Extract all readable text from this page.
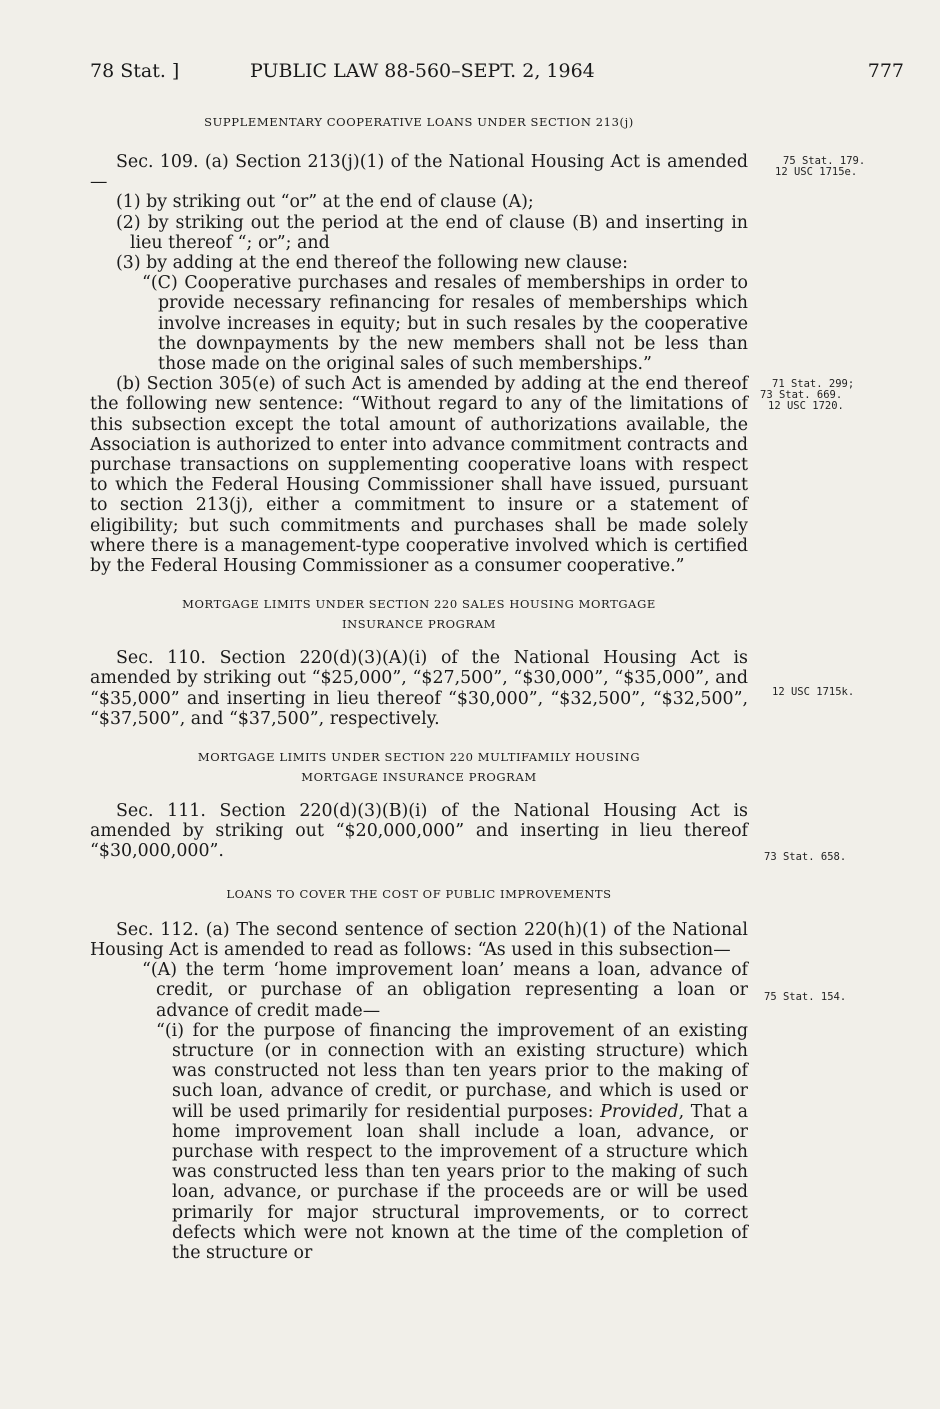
78 Stat. ]	PUBLIC LAW 88-560–SEPT. 2, 1964	777

SUPPLEMENTARY COOPERATIVE LOANS UNDER SECTION 213(j)

Sec. 109. (a) Section 213(j)(1) of the National Housing Act is amended—

(1) by striking out “or” at the end of clause (A);

(2) by striking out the period at the end of clause (B) and inserting in lieu thereof “; or”; and

(3) by adding at the end thereof the following new clause:

“(C) Cooperative purchases and resales of memberships in order to provide necessary refinancing for resales of memberships which involve increases in equity; but in such resales by the cooperative the downpayments by the new members shall not be less than those made on the original sales of such memberships.”

(b) Section 305(e) of such Act is amended by adding at the end thereof the following new sentence: “Without regard to any of the limitations of this subsection except the total amount of authorizations available, the Association is authorized to enter into advance commitment contracts and purchase transactions on supplementing cooperative loans with respect to which the Federal Housing Commissioner shall have issued, pursuant to section 213(j), either a commitment to insure or a statement of eligibility; but such commitments and purchases shall be made solely where there is a management-type cooperative involved which is certified by the Federal Housing Commissioner as a consumer cooperative.”

MORTGAGE LIMITS UNDER SECTION 220 SALES HOUSING MORTGAGE

INSURANCE PROGRAM

Sec. 110. Section 220(d)(3)(A)(i) of the National Housing Act is amended by striking out “$25,000”, “$27,500”, “$30,000”, “$35,000”, and “$35,000” and inserting in lieu thereof “$30,000”, “$32,500”, “$32,500”, “$37,500”, and “$37,500”, respectively.

MORTGAGE LIMITS UNDER SECTION 220 MULTIFAMILY HOUSING

MORTGAGE INSURANCE PROGRAM

Sec. 111. Section 220(d)(3)(B)(i) of the National Housing Act is amended by striking out “$20,000,000” and inserting in lieu thereof “$30,000,000”.

LOANS TO COVER THE COST OF PUBLIC IMPROVEMENTS

Sec. 112. (a) The second sentence of section 220(h)(1) of the National Housing Act is amended to read as follows: “As used in this subsection—

“(A) the term ‘home improvement loan’ means a loan, advance of credit, or purchase of an obligation representing a loan or advance of credit made—

“(i) for the purpose of financing the improvement of an existing structure (or in connection with an existing structure) which was constructed not less than ten years prior to the making of such loan, advance of credit, or purchase, and which is used or will be used primarily for residential purposes: Provided, That a home improvement loan shall include a loan, advance, or purchase with respect to the improvement of a structure which was constructed less than ten years prior to the making of such loan, advance, or purchase if the proceeds are or will be used primarily for major structural improvements, or to correct defects which were not known at the time of the completion of the structure or

75 Stat. 179.
12 USC 1715e.
71 Stat. 299;
73 Stat. 669.
12 USC 1720.
12 USC 1715k.
73 Stat. 658.
75 Stat. 154.
